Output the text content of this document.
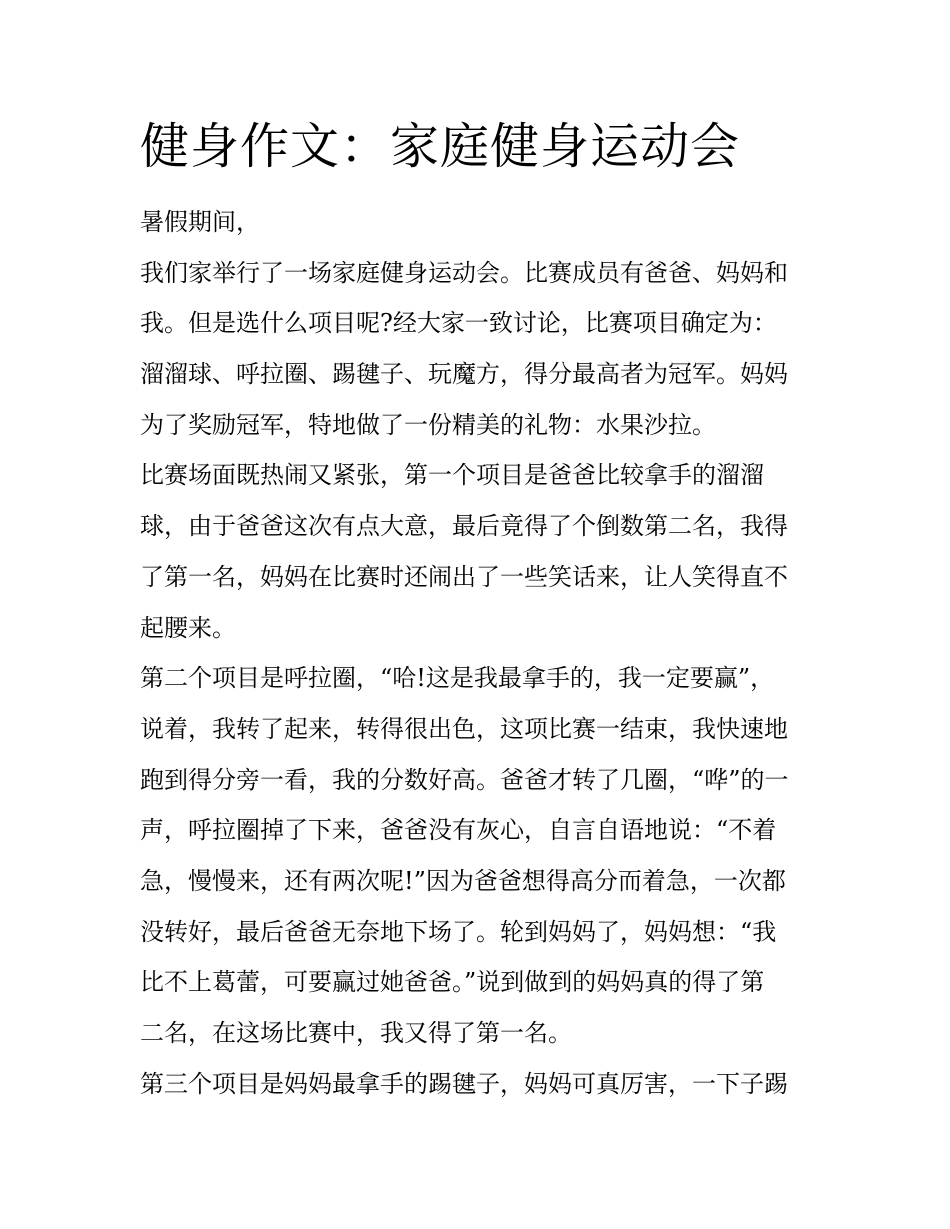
健身作文：家庭健身运动会
暑假期间，
我们家举行了一场家庭健身运动会。比赛成员有爸爸、妈妈和
我。但是选什么项目呢?经大家一致讨论，比赛项目确定为：
溜溜球、呼拉圈、踢毽子、玩魔方，得分最高者为冠军。妈妈
为了奖励冠军，特地做了一份精美的礼物：水果沙拉。
比赛场面既热闹又紧张，第一个项目是爸爸比较拿手的溜溜
球，由于爸爸这次有点大意，最后竟得了个倒数第二名，我得
了第一名，妈妈在比赛时还闹出了一些笑话来，让人笑得直不
起腰来。
第二个项目是呼拉圈，“哈!这是我最拿手的，我一定要赢”，
说着，我转了起来，转得很出色，这项比赛一结束，我快速地
跑到得分旁一看，我的分数好高。爸爸才转了几圈，“哗”的一
声，呼拉圈掉了下来，爸爸没有灰心，自言自语地说：“不着
急，慢慢来，还有两次呢!”因为爸爸想得高分而着急，一次都
没转好，最后爸爸无奈地下场了。轮到妈妈了，妈妈想：“我
比不上葛蕾，可要赢过她爸爸。”说到做到的妈妈真的得了第
二名，在这场比赛中，我又得了第一名。
第三个项目是妈妈最拿手的踢毽子，妈妈可真厉害，一下子踢
